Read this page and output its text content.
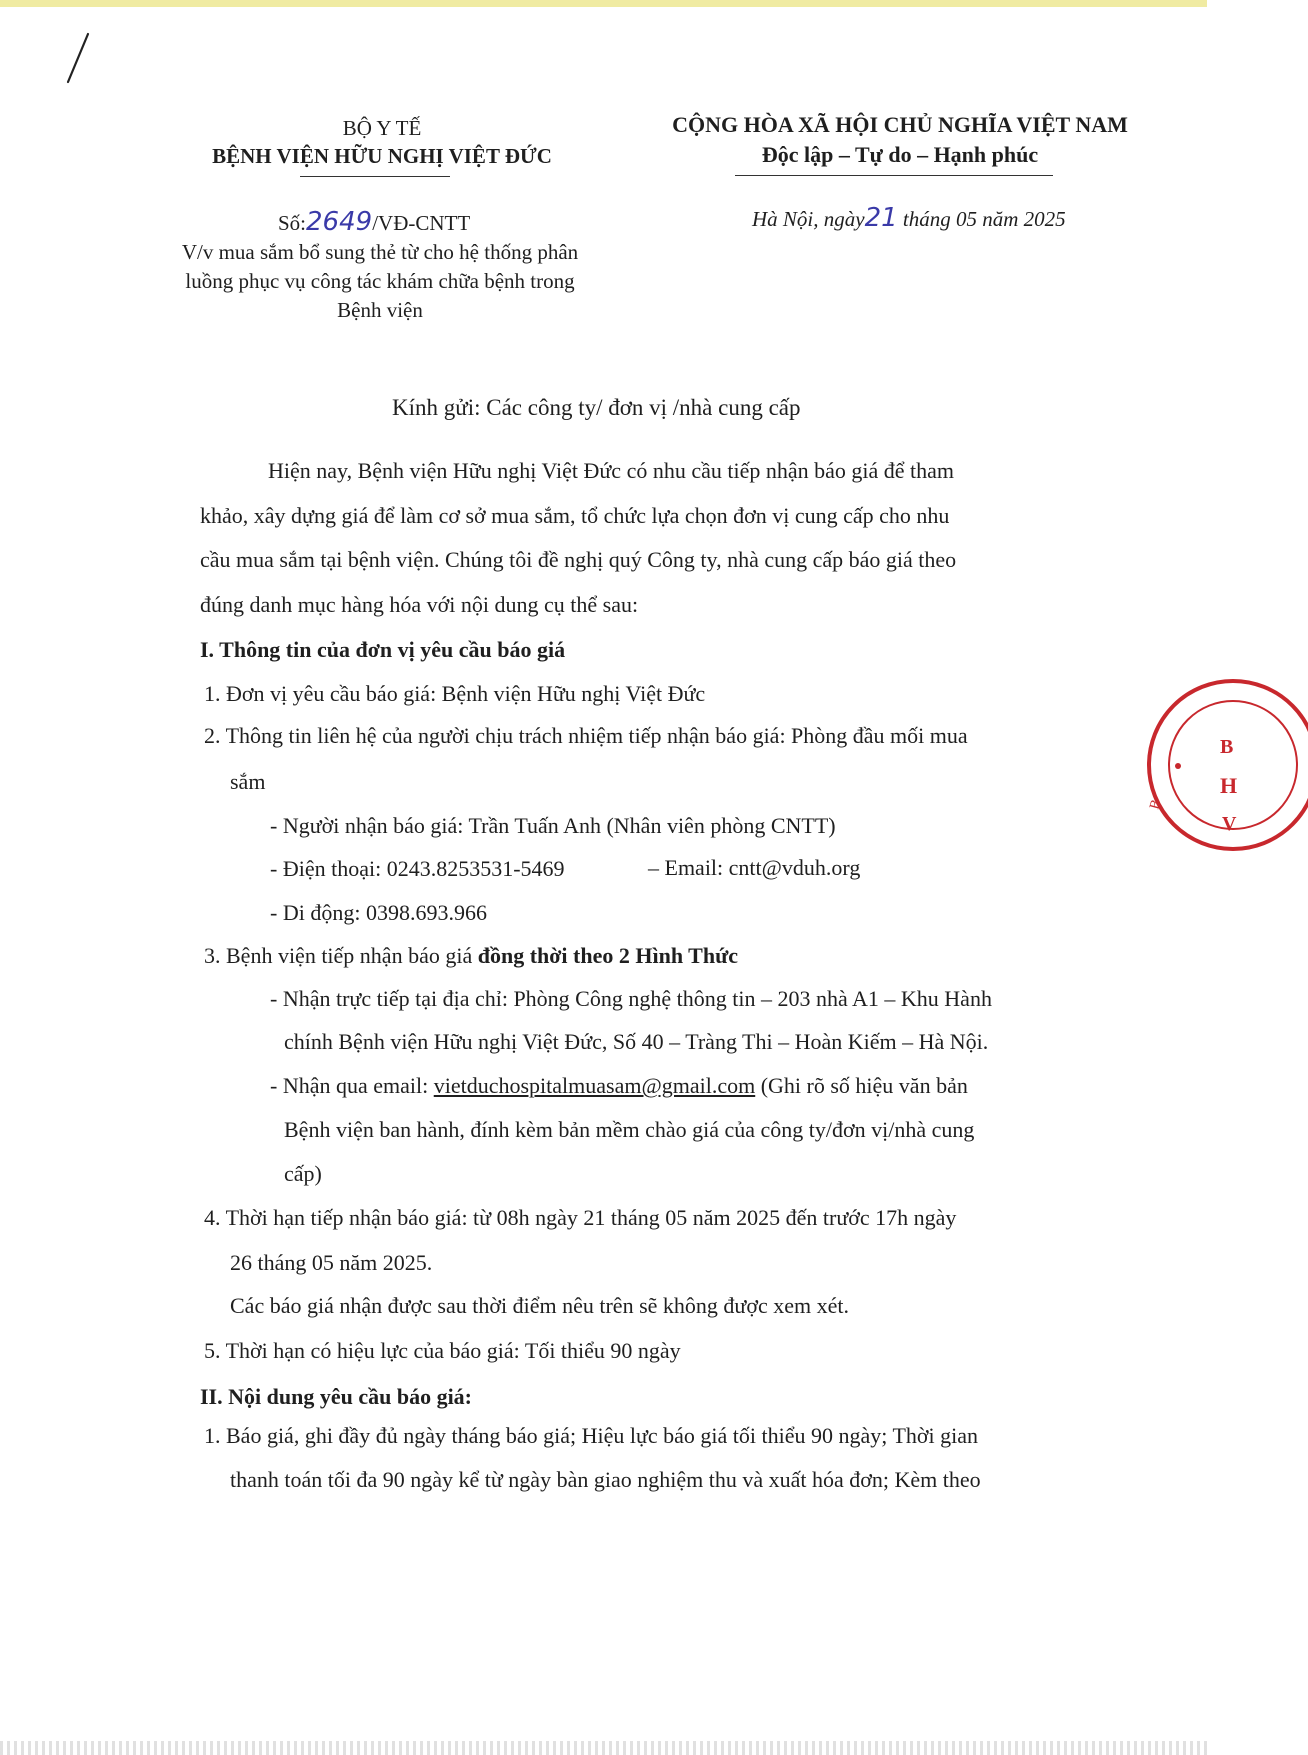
BỘ Y TẾ
BỆNH VIỆN HỮU NGHỊ VIỆT ĐỨC
CỘNG HÒA XÃ HỘI CHỦ NGHĨA VIỆT NAM
Độc lập – Tự do – Hạnh phúc
Số:2649/VĐ-CNTT	Hà Nội, ngày21 tháng 05 năm 2025
V/v mua sắm bổ sung thẻ từ cho hệ thống phân
luồng phục vụ công tác khám chữa bệnh trong
Bệnh viện
Kính gửi: Các công ty/ đơn vị /nhà cung cấp
Hiện nay, Bệnh viện Hữu nghị Việt Đức có nhu cầu tiếp nhận báo giá để tham
khảo, xây dựng giá để làm cơ sở mua sắm, tổ chức lựa chọn đơn vị cung cấp cho nhu
cầu mua sắm tại bệnh viện. Chúng tôi đề nghị quý Công ty, nhà cung cấp báo giá theo
đúng danh mục hàng hóa với nội dung cụ thể sau:
I. Thông tin của đơn vị yêu cầu báo giá
1. Đơn vị yêu cầu báo giá: Bệnh viện Hữu nghị Việt Đức
2. Thông tin liên hệ của người chịu trách nhiệm tiếp nhận báo giá: Phòng đầu mối mua
sắm
- Người nhận báo giá: Trần Tuấn Anh (Nhân viên phòng CNTT)
- Điện thoại: 0243.8253531-5469	– Email: cntt@vduh.org
- Di động: 0398.693.966
3. Bệnh viện tiếp nhận báo giá đồng thời theo 2 Hình Thức
- Nhận trực tiếp tại địa chỉ: Phòng Công nghệ thông tin – 203 nhà A1 – Khu Hành
chính Bệnh viện Hữu nghị Việt Đức, Số 40 – Tràng Thi – Hoàn Kiếm – Hà Nội.
- Nhận qua email: vietduchospitalmuasam@gmail.com (Ghi rõ số hiệu văn bản
Bệnh viện ban hành, đính kèm bản mềm chào giá của công ty/đơn vị/nhà cung
cấp)
4. Thời hạn tiếp nhận báo giá: từ 08h ngày 21 tháng 05 năm 2025 đến trước 17h ngày
26 tháng 05 năm 2025.
Các báo giá nhận được sau thời điểm nêu trên sẽ không được xem xét.
5. Thời hạn có hiệu lực của báo giá: Tối thiểu 90 ngày
II. Nội dung yêu cầu báo giá:
1. Báo giá, ghi đầy đủ ngày tháng báo giá; Hiệu lực báo giá tối thiểu 90 ngày; Thời gian
thanh toán tối đa 90 ngày kể từ ngày bàn giao nghiệm thu và xuất hóa đơn; Kèm theo
B
H
V
B
